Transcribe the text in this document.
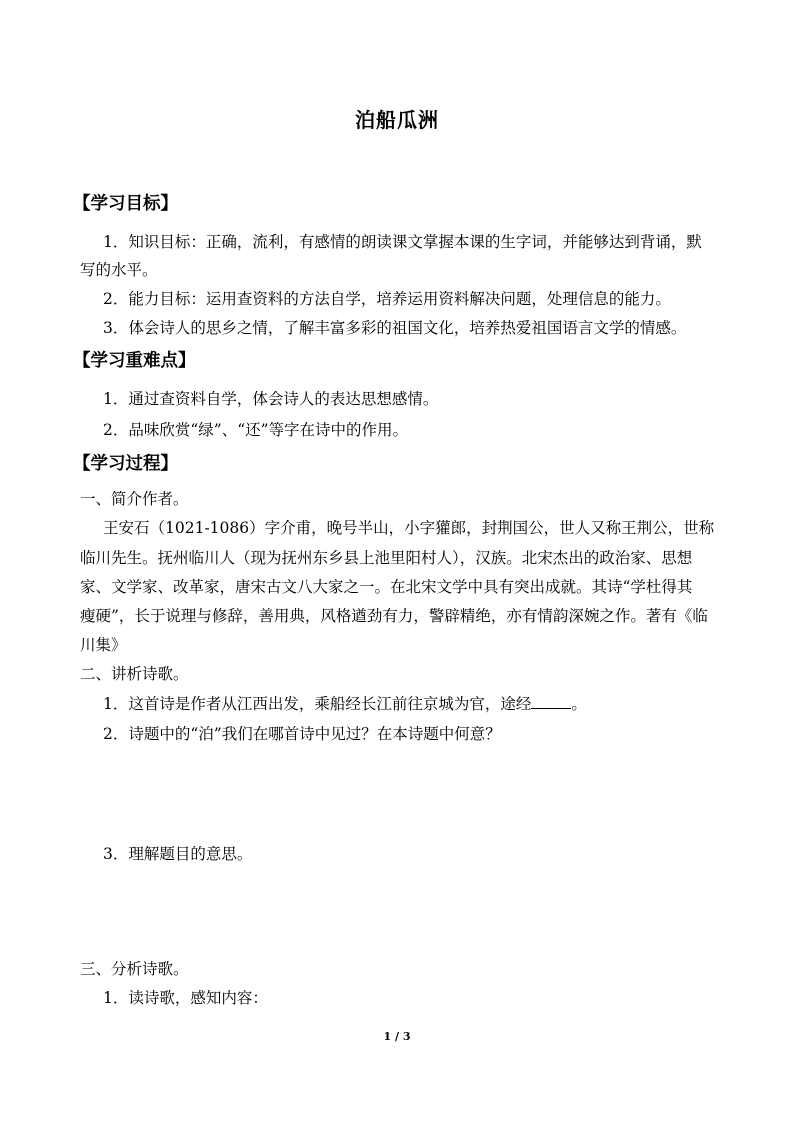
泊船瓜洲
【学习目标】
1．知识目标：正确，流利，有感情的朗读课文掌握本课的生字词，并能够达到背诵，默
写的水平。
2．能力目标：运用查资料的方法自学，培养运用资料解决问题，处理信息的能力。
3．体会诗人的思乡之情，了解丰富多彩的祖国文化，培养热爱祖国语言文学的情感。
【学习重难点】
1．通过查资料自学，体会诗人的表达思想感情。
2．品味欣赏“绿”、“还”等字在诗中的作用。
【学习过程】
一、简介作者。
王安石（1021-1086）字介甫，晚号半山，小字獾郎，封荆国公，世人又称王荆公，世称
临川先生。抚州临川人（现为抚州东乡县上池里阳村人），汉族。北宋杰出的政治家、思想
家、文学家、改革家，唐宋古文八大家之一。在北宋文学中具有突出成就。其诗“学杜得其
瘦硬”，长于说理与修辞，善用典，风格遒劲有力，警辟精绝，亦有情韵深婉之作。著有《临
川集》
二、讲析诗歌。
1．这首诗是作者从江西出发，乘船经长江前往京城为官，途经	。
2．诗题中的“泊”我们在哪首诗中见过？在本诗题中何意？
3．理解题目的意思。
三、分析诗歌。
1．读诗歌，感知内容：
1 / 3
